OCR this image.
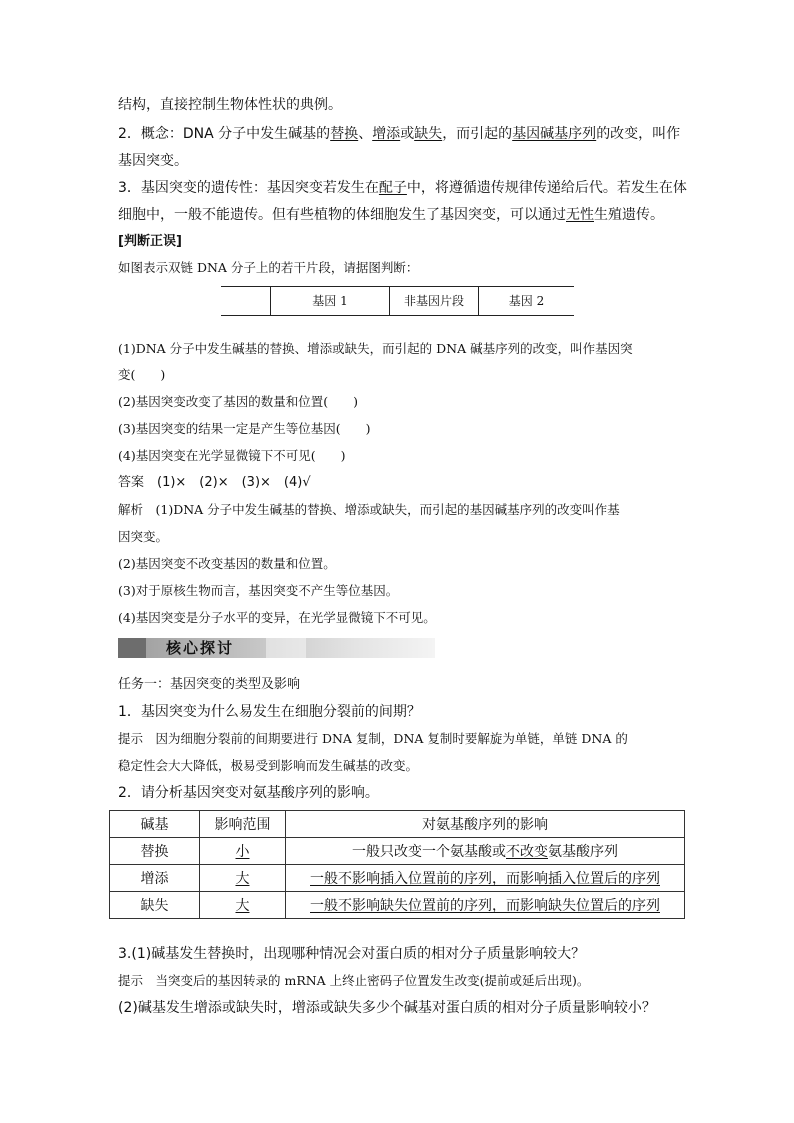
结构，直接控制生物体性状的典例。
2．概念：DNA 分子中发生碱基的替换、增添或缺失，而引起的基因碱基序列的改变，叫作
基因突变。
3．基因突变的遗传性：基因突变若发生在配子中，将遵循遗传规律传递给后代。若发生在体
细胞中，一般不能遗传。但有些植物的体细胞发生了基因突变，可以通过无性生殖遗传。
[判断正误]
如图表示双链 DNA 分子上的若干片段，请据图判断：
基因 1	非基因片段	基因 2
(1)DNA 分子中发生碱基的替换、增添或缺失，而引起的 DNA 碱基序列的改变，叫作基因突
变(　　)
(2)基因突变改变了基因的数量和位置(　　)
(3)基因突变的结果一定是产生等位基因(　　)
(4)基因突变在光学显微镜下不可见(　　)
答案　(1)×　(2)×　(3)×　(4)√
解析　(1)DNA 分子中发生碱基的替换、增添或缺失，而引起的基因碱基序列的改变叫作基
因突变。
(2)基因突变不改变基因的数量和位置。
(3)对于原核生物而言，基因突变不产生等位基因。
(4)基因突变是分子水平的变异，在光学显微镜下不可见。
核心探讨
任务一：基因突变的类型及影响
1．基因突变为什么易发生在细胞分裂前的间期？
提示　因为细胞分裂前的间期要进行 DNA 复制，DNA 复制时要解旋为单链，单链 DNA 的
稳定性会大大降低，极易受到影响而发生碱基的改变。
2．请分析基因突变对氨基酸序列的影响。
碱基	影响范围	对氨基酸序列的影响
替换	小	一般只改变一个氨基酸或不改变氨基酸序列
增添	大	一般不影响插入位置前的序列，而影响插入位置后的序列
缺失	大	一般不影响缺失位置前的序列，而影响缺失位置后的序列
3.(1)碱基发生替换时，出现哪种情况会对蛋白质的相对分子质量影响较大？
提示　当突变后的基因转录的 mRNA 上终止密码子位置发生改变(提前或延后出现)。
(2)碱基发生增添或缺失时，增添或缺失多少个碱基对蛋白质的相对分子质量影响较小？
